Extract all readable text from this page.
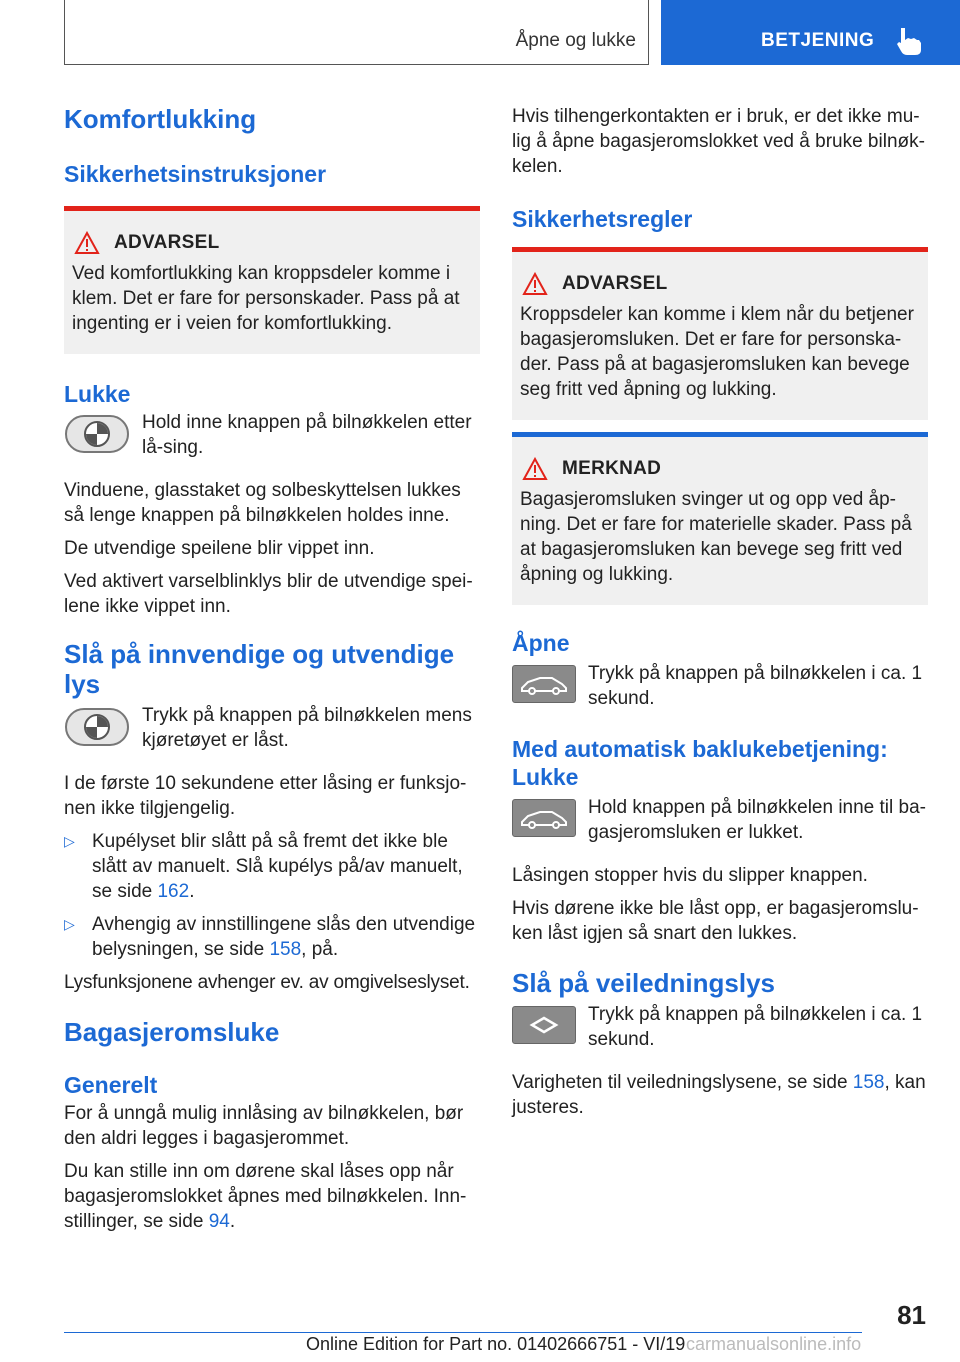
Åpne og lukke	BETJENING
Komfortlukking
Sikkerhetsinstruksjoner
ADVARSEL

Ved komfortlukking kan kroppsdeler komme i klem. Det er fare for personskader. Pass på at ingenting er i veien for komfortlukking.

Lukke

Hold inne knappen på bilnøkkelen etter lå-sing.

Vinduene, glasstaket og solbeskyttelsen lukkes så lenge knappen på bilnøkkelen holdes inne.

De utvendige speilene blir vippet inn.

Ved aktivert varselblinklys blir de utvendige spei-lene ikke vippet inn.

Slå på innvendige og utvendige lys

Trykk på knappen på bilnøkkelen mens kjøretøyet er låst.

I de første 10 sekundene etter låsing er funksjo-nen ikke tilgjengelig.

▷ Kupélyset blir slått på så fremt det ikke ble slått av manuelt. Slå kupélys på/av manuelt, se side 162.

▷ Avhengig av innstillingene slås den utvendige belysningen, se side 158, på.

Lysfunksjonene avhenger ev. av omgivelseslyset.

Bagasjeromsluke
Generelt

For å unngå mulig innlåsing av bilnøkkelen, bør den aldri legges i bagasjerommet.

Du kan stille inn om dørene skal låses opp når bagasjeromslokket åpnes med bilnøkkelen. Inn-stillinger, se side 94.

Hvis tilhengerkontakten er i bruk, er det ikke mu-lig å åpne bagasjeromslokket ved å bruke bilnøk-kelen.

Sikkerhetsregler
ADVARSEL

Kroppsdeler kan komme i klem når du betjener bagasjeromsluken. Det er fare for personska-der. Pass på at bagasjeromsluken kan bevege seg fritt ved åpning og lukking.

MERKNAD

Bagasjeromsluken svinger ut og opp ved åp-ning. Det er fare for materielle skader. Pass på at bagasjeromsluken kan bevege seg fritt ved åpning og lukking.

Åpne

Trykk på knappen på bilnøkkelen i ca. 1 sekund.

Med automatisk baklukebetjening: Lukke

Hold knappen på bilnøkkelen inne til ba-gasjeromsluken er lukket.

Låsingen stopper hvis du slipper knappen.

Hvis dørene ikke ble låst opp, er bagasjeromslu-ken låst igjen så snart den lukkes.

Slå på veiledningslys

Trykk på knappen på bilnøkkelen i ca. 1 sekund.

Varigheten til veiledningslysene, se side 158, kan justeres.

81
Online Edition for Part no. 01402666751 - VI/19 carmanualsonline.info
